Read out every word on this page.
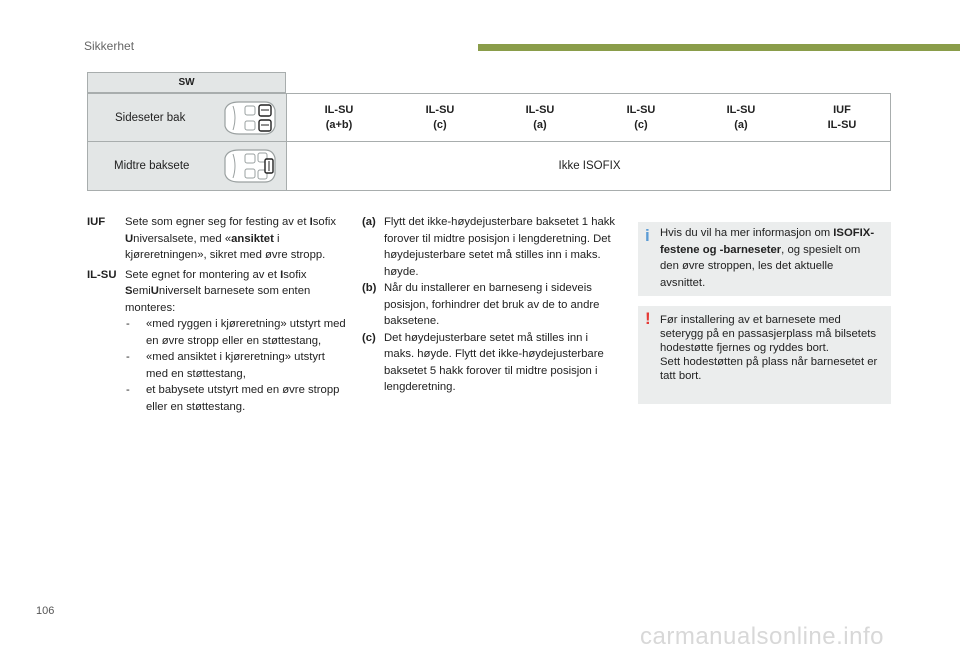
Sikkerhet
SW
Sideseter bak
IL-SU
(a+b)
IL-SU
(c)
IL-SU
(a)
IL-SU
(c)
IL-SU
(a)
IUF
IL-SU
Midtre baksete	Ikke ISOFIX
IUF Sete som egner seg for festing av et Isofix Universalsete, med «ansiktet i kjøreretningen», sikret med øvre stropp.
IL-SU Sete egnet for montering av et Isofix SemiUniverselt barnesete som enten monteres:
- «med ryggen i kjøreretning» utstyrt med en øvre stropp eller en støttestang,
- «med ansiktet i kjøreretning» utstyrt med en støttestang,
- et babysete utstyrt med en øvre stropp eller en støttestang.
(a) Flytt det ikke-høydejusterbare baksetet 1 hakk forover til midtre posisjon i lengderetning. Det høydejusterbare setet må stilles inn i maks. høyde.
(b) Når du installerer en barneseng i sideveis posisjon, forhindrer det bruk av de to andre baksetene.
(c) Det høydejusterbare setet må stilles inn i maks. høyde. Flytt det ikke-høydejusterbare baksetet 5 hakk forover til midtre posisjon i lengderetning.
i Hvis du vil ha mer informasjon om ISOFIX-festene og -barneseter, og spesielt om den øvre stroppen, les det aktuelle avsnittet.
! Før installering av et barnesete med seterygg på en passasjerplass må bilsetets hodestøtte fjernes og ryddes bort.
Sett hodestøtten på plass når barnesetet er tatt bort.
106
carmanualsonline.info
